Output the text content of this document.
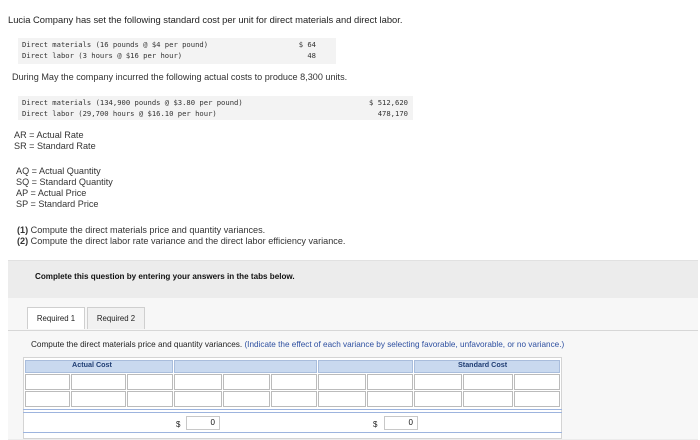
Lucia Company has set the following standard cost per unit for direct materials and direct labor.
Direct materials (16 pounds @ $4 per pound)	$ 64
Direct labor (3 hours @ $16 per hour)	48
During May the company incurred the following actual costs to produce 8,300 units.
Direct materials (134,900 pounds @ $3.80 per pound)	$ 512,620
Direct labor (29,700 hours @ $16.10 per hour)	478,170
AR = Actual Rate
SR = Standard Rate
AQ = Actual Quantity
SQ = Standard Quantity
AP = Actual Price
SP = Standard Price
(1) Compute the direct materials price and quantity variances.
(2) Compute the direct labor rate variance and the direct labor efficiency variance.
Complete this question by entering your answers in the tabs below.
Required 1	Required 2
Compute the direct materials price and quantity variances. (Indicate the effect of each variance by selecting favorable, unfavorable, or no variance.)
Actual Cost	Standard Cost
$	0	$	0
